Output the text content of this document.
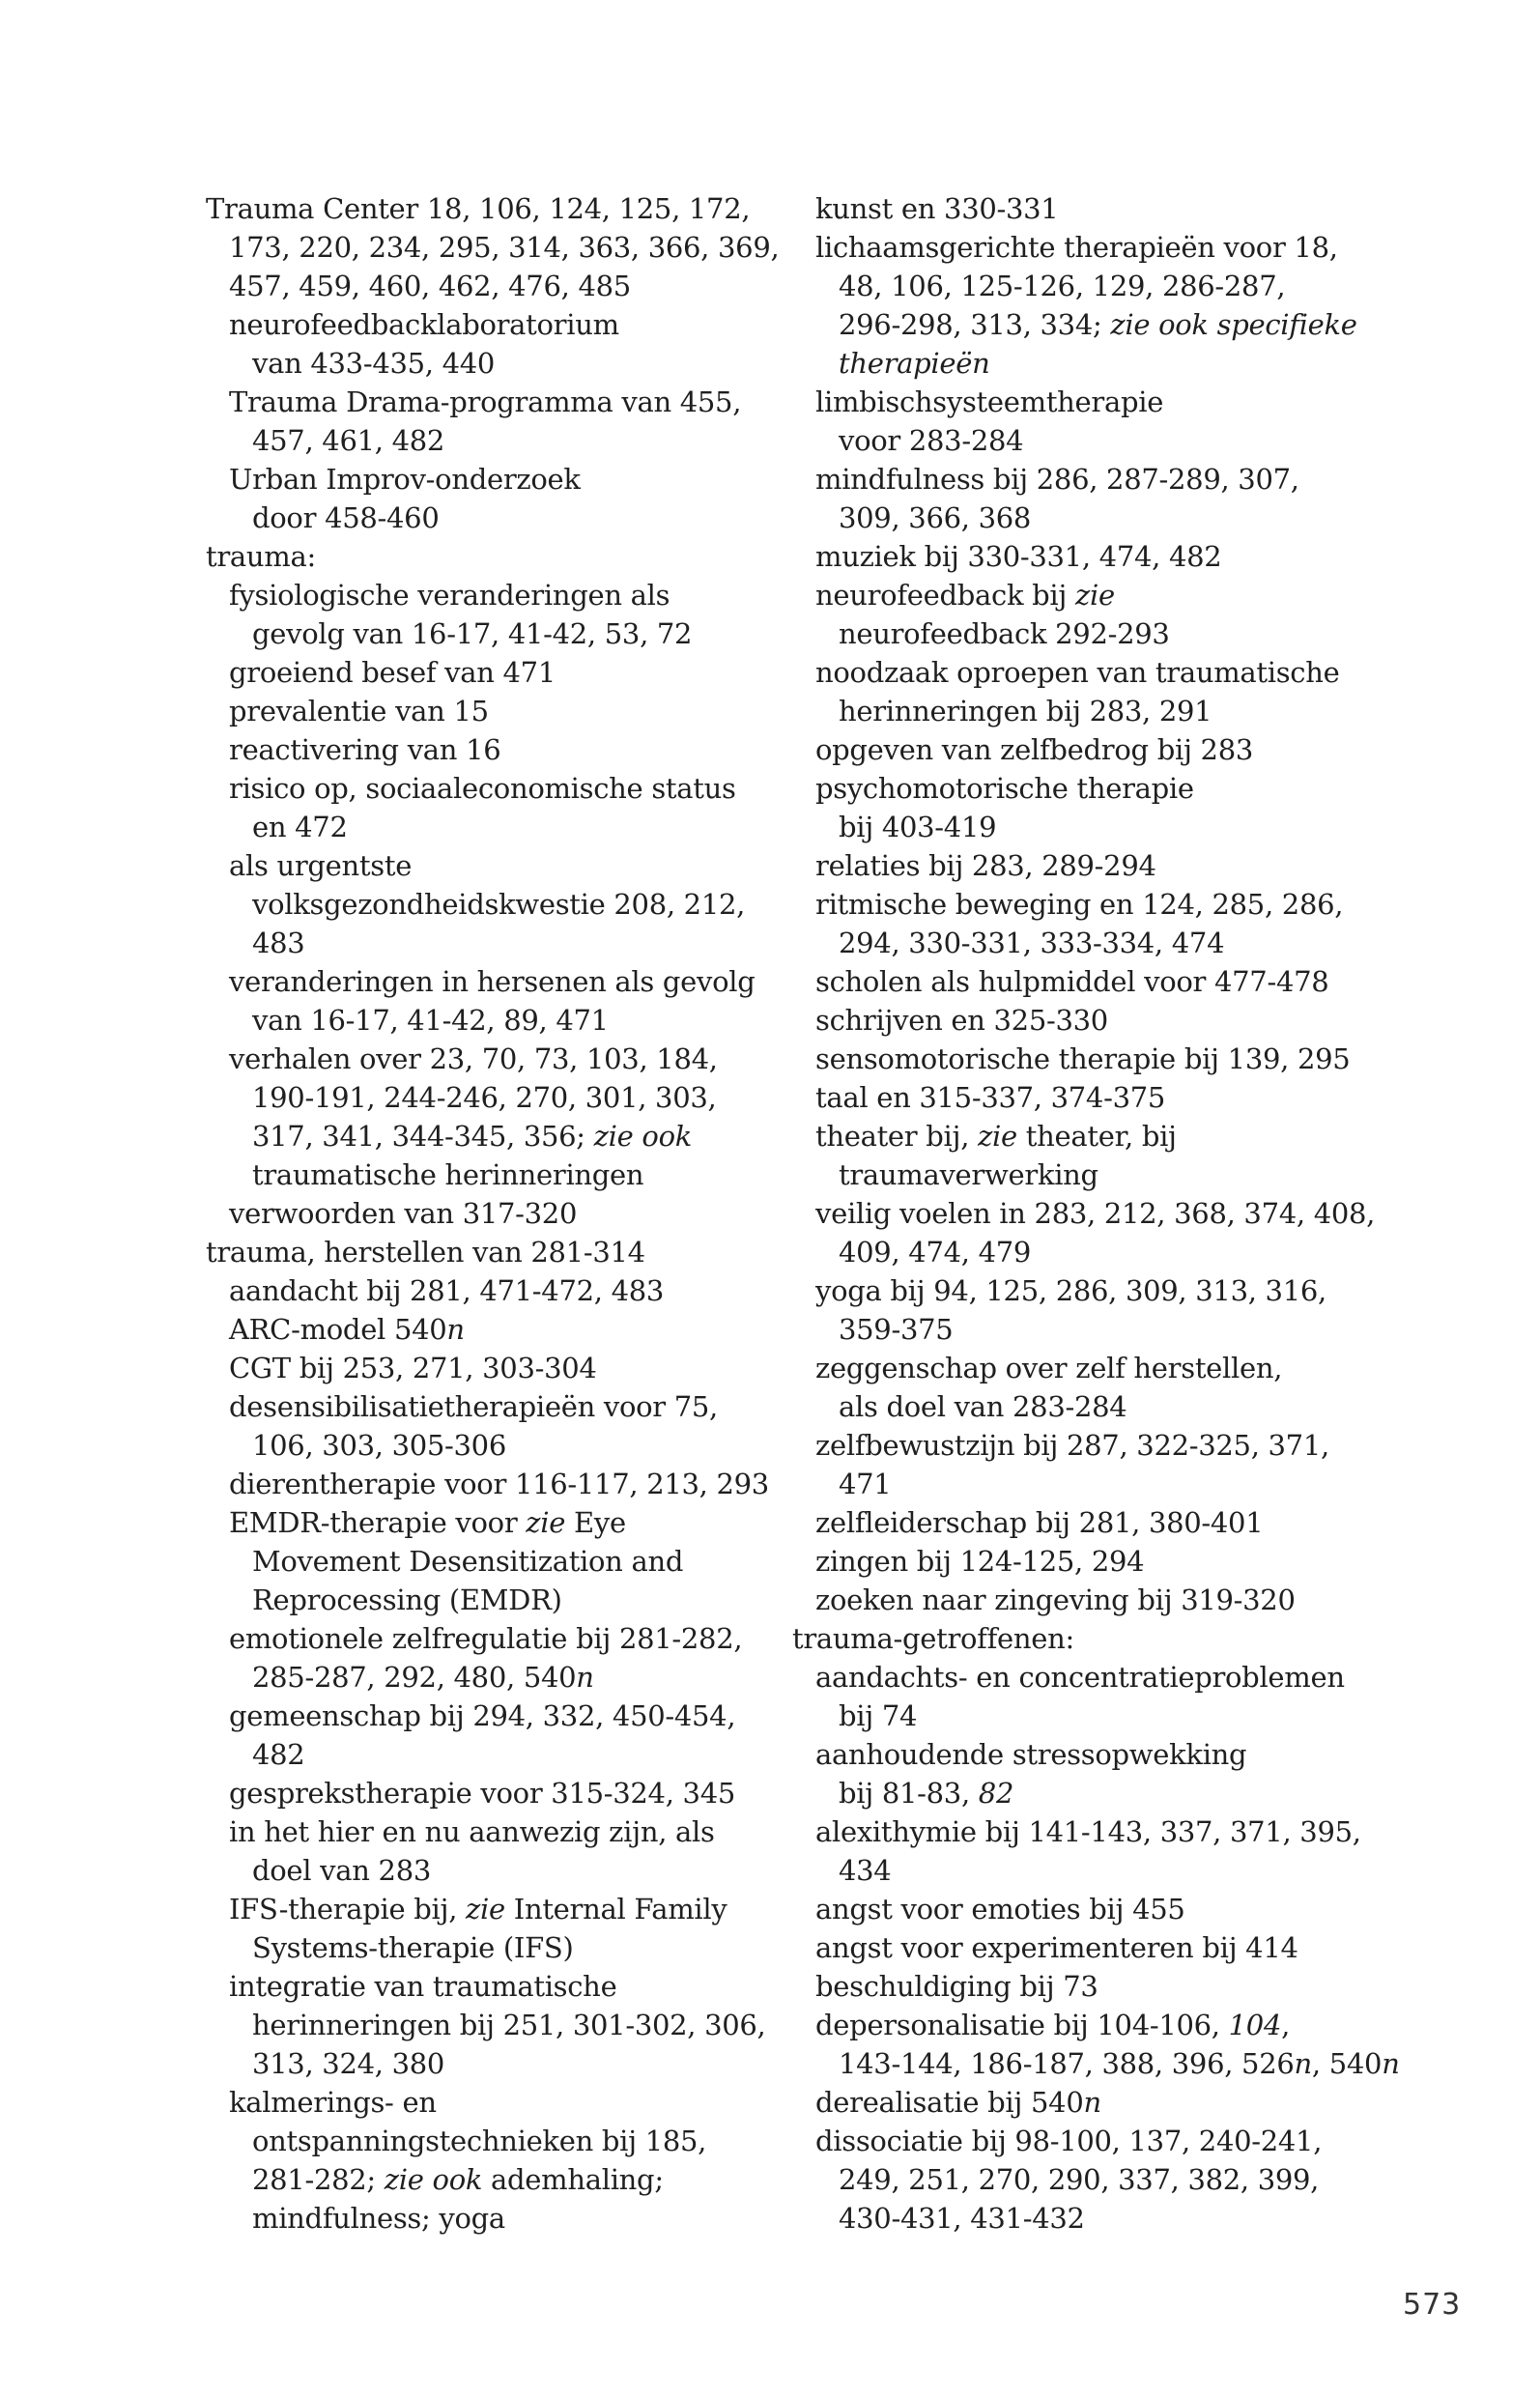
Trauma Center 18, 106, 124, 125, 172,
173, 220, 234, 295, 314, 363, 366, 369,
457, 459, 460, 462, 476, 485
neurofeedbacklaboratorium
van 433-435, 440
Trauma Drama-programma van 455,
457, 461, 482
Urban Improv-onderzoek
door 458-460
trauma:
fysiologische veranderingen als
gevolg van 16-17, 41-42, 53, 72
groeiend besef van 471
prevalentie van 15
reactivering van 16
risico op, sociaaleconomische status
en 472
als urgentste
volksgezondheidskwestie 208, 212,
483
veranderingen in hersenen als gevolg
van 16-17, 41-42, 89, 471
verhalen over 23, 70, 73, 103, 184,
190-191, 244-246, 270, 301, 303,
317, 341, 344-345, 356; zie ook
traumatische herinneringen
verwoorden van 317-320
trauma, herstellen van 281-314
aandacht bij 281, 471-472, 483
ARC-model 540n
CGT bij 253, 271, 303-304
desensibilisatietherapieën voor 75,
106, 303, 305-306
dierentherapie voor 116-117, 213, 293
EMDR-therapie voor zie Eye
Movement Desensitization and
Reprocessing (EMDR)
emotionele zelfregulatie bij 281-282,
285-287, 292, 480, 540n
gemeenschap bij 294, 332, 450-454,
482
gesprekstherapie voor 315-324, 345
in het hier en nu aanwezig zijn, als
doel van 283
IFS-therapie bij, zie Internal Family
Systems-therapie (IFS)
integratie van traumatische
herinneringen bij 251, 301-302, 306,
313, 324, 380
kalmerings- en
ontspanningstechnieken bij 185,
281-282; zie ook ademhaling;
mindfulness; yoga
kunst en 330-331
lichaamsgerichte therapieën voor 18,
48, 106, 125-126, 129, 286-287,
296-298, 313, 334; zie ook specifieke
therapieën
limbischsysteemtherapie
voor 283-284
mindfulness bij 286, 287-289, 307,
309, 366, 368
muziek bij 330-331, 474, 482
neurofeedback bij zie
neurofeedback 292-293
noodzaak oproepen van traumatische
herinneringen bij 283, 291
opgeven van zelfbedrog bij 283
psychomotorische therapie
bij 403-419
relaties bij 283, 289-294
ritmische beweging en 124, 285, 286,
294, 330-331, 333-334, 474
scholen als hulpmiddel voor 477-478
schrijven en 325-330
sensomotorische therapie bij 139, 295
taal en 315-337, 374-375
theater bij, zie theater, bij
traumaverwerking
veilig voelen in 283, 212, 368, 374, 408,
409, 474, 479
yoga bij 94, 125, 286, 309, 313, 316,
359-375
zeggenschap over zelf herstellen,
als doel van 283-284
zelfbewustzijn bij 287, 322-325, 371,
471
zelfleiderschap bij 281, 380-401
zingen bij 124-125, 294
zoeken naar zingeving bij 319-320
trauma-getroffenen:
aandachts- en concentratieproblemen
bij 74
aanhoudende stressopwekking
bij 81-83, 82
alexithymie bij 141-143, 337, 371, 395,
434
angst voor emoties bij 455
angst voor experimenteren bij 414
beschuldiging bij 73
depersonalisatie bij 104-106, 104,
143-144, 186-187, 388, 396, 526n, 540n
derealisatie bij 540n
dissociatie bij 98-100, 137, 240-241,
249, 251, 270, 290, 337, 382, 399,
430-431, 431-432
573
